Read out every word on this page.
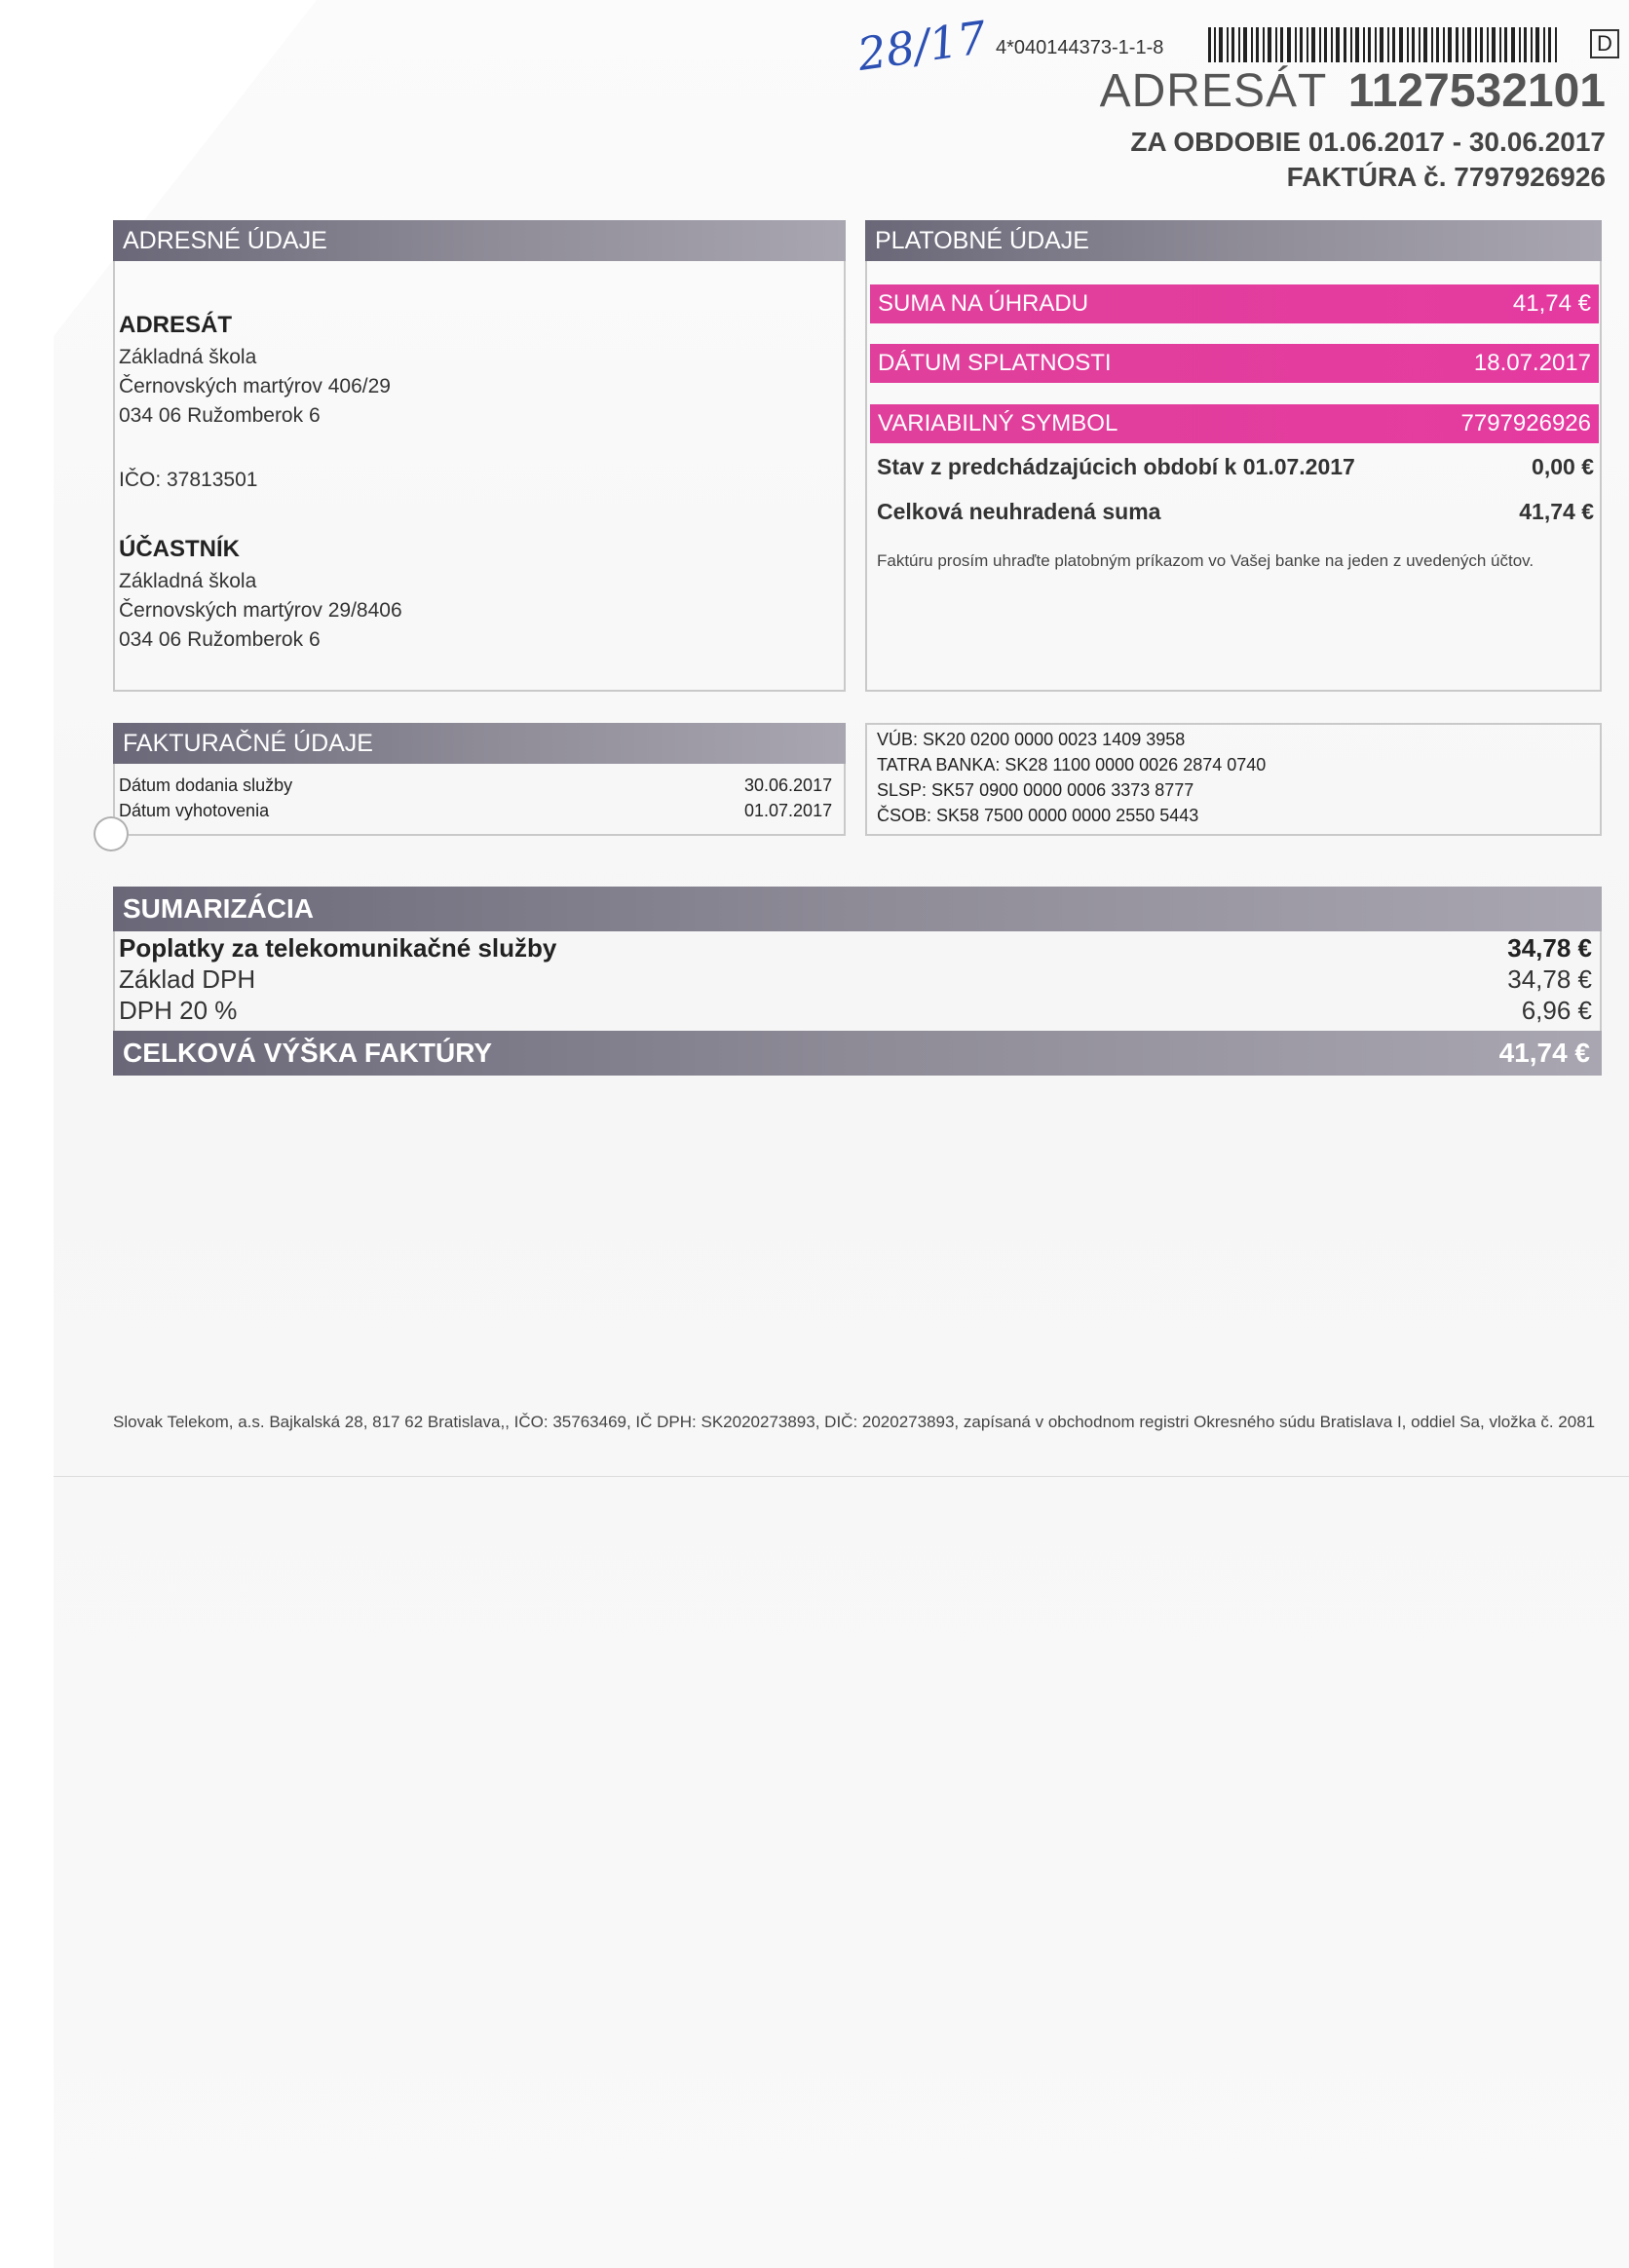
28/17 4*040144373-1-1-8	D
ADRESÁT 1127532101
ZA OBDOBIE 01.06.2017 - 30.06.2017
FAKTÚRA č. 7797926926
ADRESNÉ ÚDAJE
ADRESÁT
Základná škola
Černovských martýrov 406/29
034 06 Ružomberok 6
IČO: 37813501
ÚČASTNÍK
Základná škola
Černovských martýrov 29/8406
034 06 Ružomberok 6
PLATOBNÉ ÚDAJE
SUMA NA ÚHRADU	41,74 €
DÁTUM SPLATNOSTI	18.07.2017
VARIABILNÝ SYMBOL	7797926926
Stav z predchádzajúcich období k 01.07.2017	0,00 €
Celková neuhradená suma	41,74 €
Faktúru prosím uhraďte platobným príkazom vo Vašej banke na jeden z uvedených účtov.
VÚB: SK20 0200 0000 0023 1409 3958
TATRA BANKA: SK28 1100 0000 0026 2874 0740
SLSP: SK57 0900 0000 0006 3373 8777
ČSOB: SK58 7500 0000 0000 2550 5443
FAKTURAČNÉ ÚDAJE
Dátum dodania služby	30.06.2017
Dátum vyhotovenia	01.07.2017
SUMARIZÁCIA
Poplatky za telekomunikačné služby	34,78 €
Základ DPH	34,78 €
DPH 20 %	6,96 €
CELKOVÁ VÝŠKA FAKTÚRY	41,74 €
Slovak Telekom, a.s. Bajkalská 28, 817 62 Bratislava,, IČO: 35763469, IČ DPH: SK2020273893, DIČ: 2020273893, zapísaná v obchodnom registri Okresného súdu Bratislava I, oddiel Sa, vložka č. 2081
